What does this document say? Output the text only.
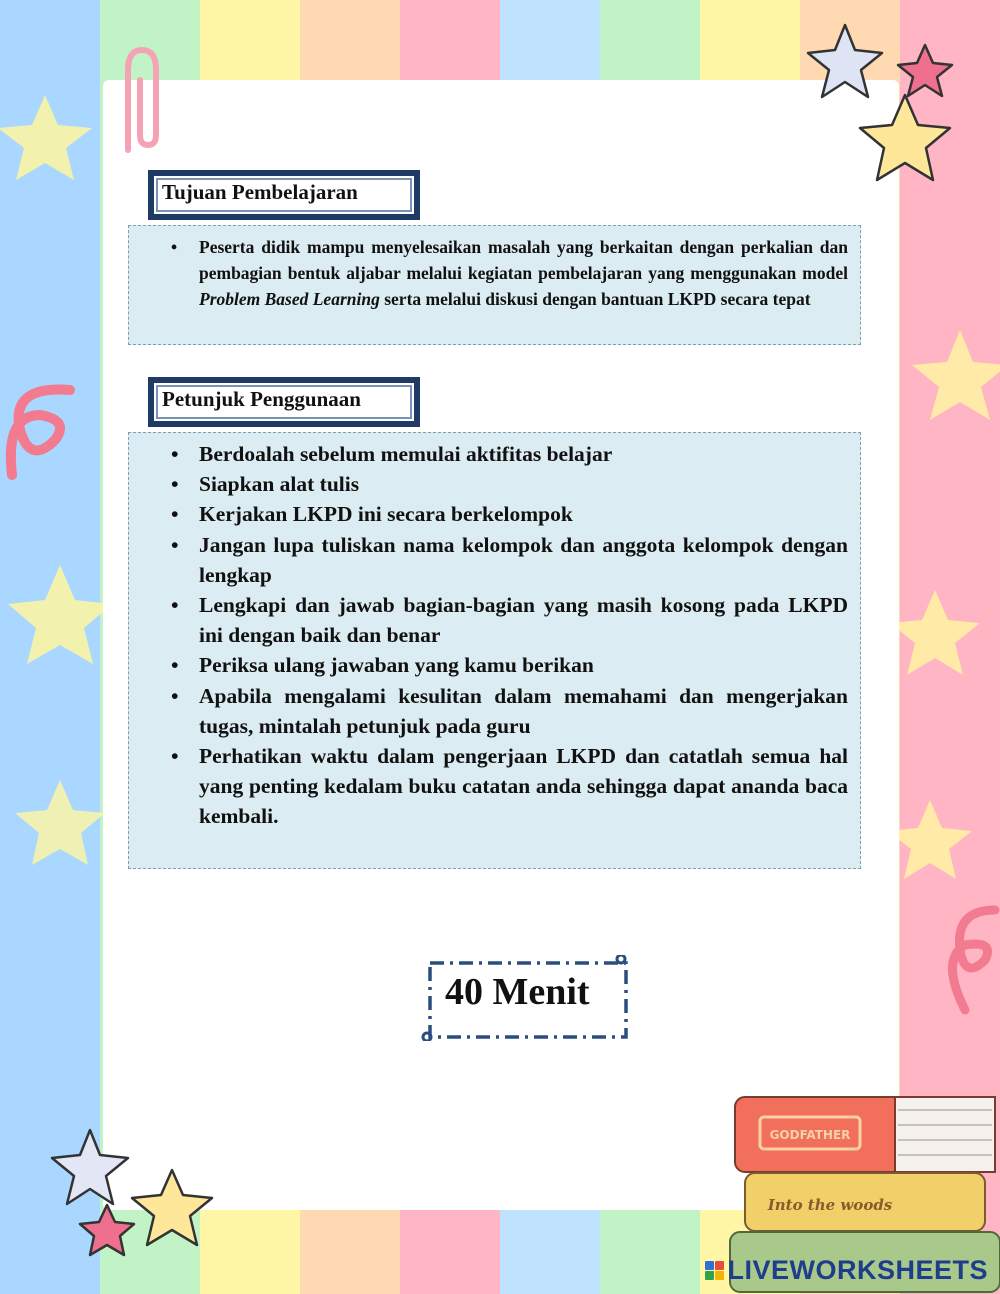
GODFATHER
Into the woods
Tujuan Pembelajaran
• Peserta didik mampu menyelesaikan masalah yang berkaitan dengan perkalian dan pembagian bentuk aljabar melalui kegiatan pembelajaran yang menggunakan model Problem Based Learning serta melalui diskusi dengan bantuan LKPD secara tepat
Petunjuk Penggunaan
• Berdoalah sebelum memulai aktifitas belajar
• Siapkan alat tulis
• Kerjakan LKPD ini secara berkelompok
• Jangan lupa tuliskan nama kelompok dan anggota kelompok dengan lengkap
• Lengkapi dan jawab bagian-bagian yang masih kosong pada LKPD ini dengan baik dan benar
• Periksa ulang jawaban yang kamu berikan
• Apabila mengalami kesulitan dalam memahami dan mengerjakan tugas, mintalah petunjuk pada guru
• Perhatikan waktu dalam pengerjaan LKPD dan catatlah semua hal yang penting kedalam buku catatan anda sehingga dapat ananda baca kembali.
40 Menit
LIVEWORKSHEETS
